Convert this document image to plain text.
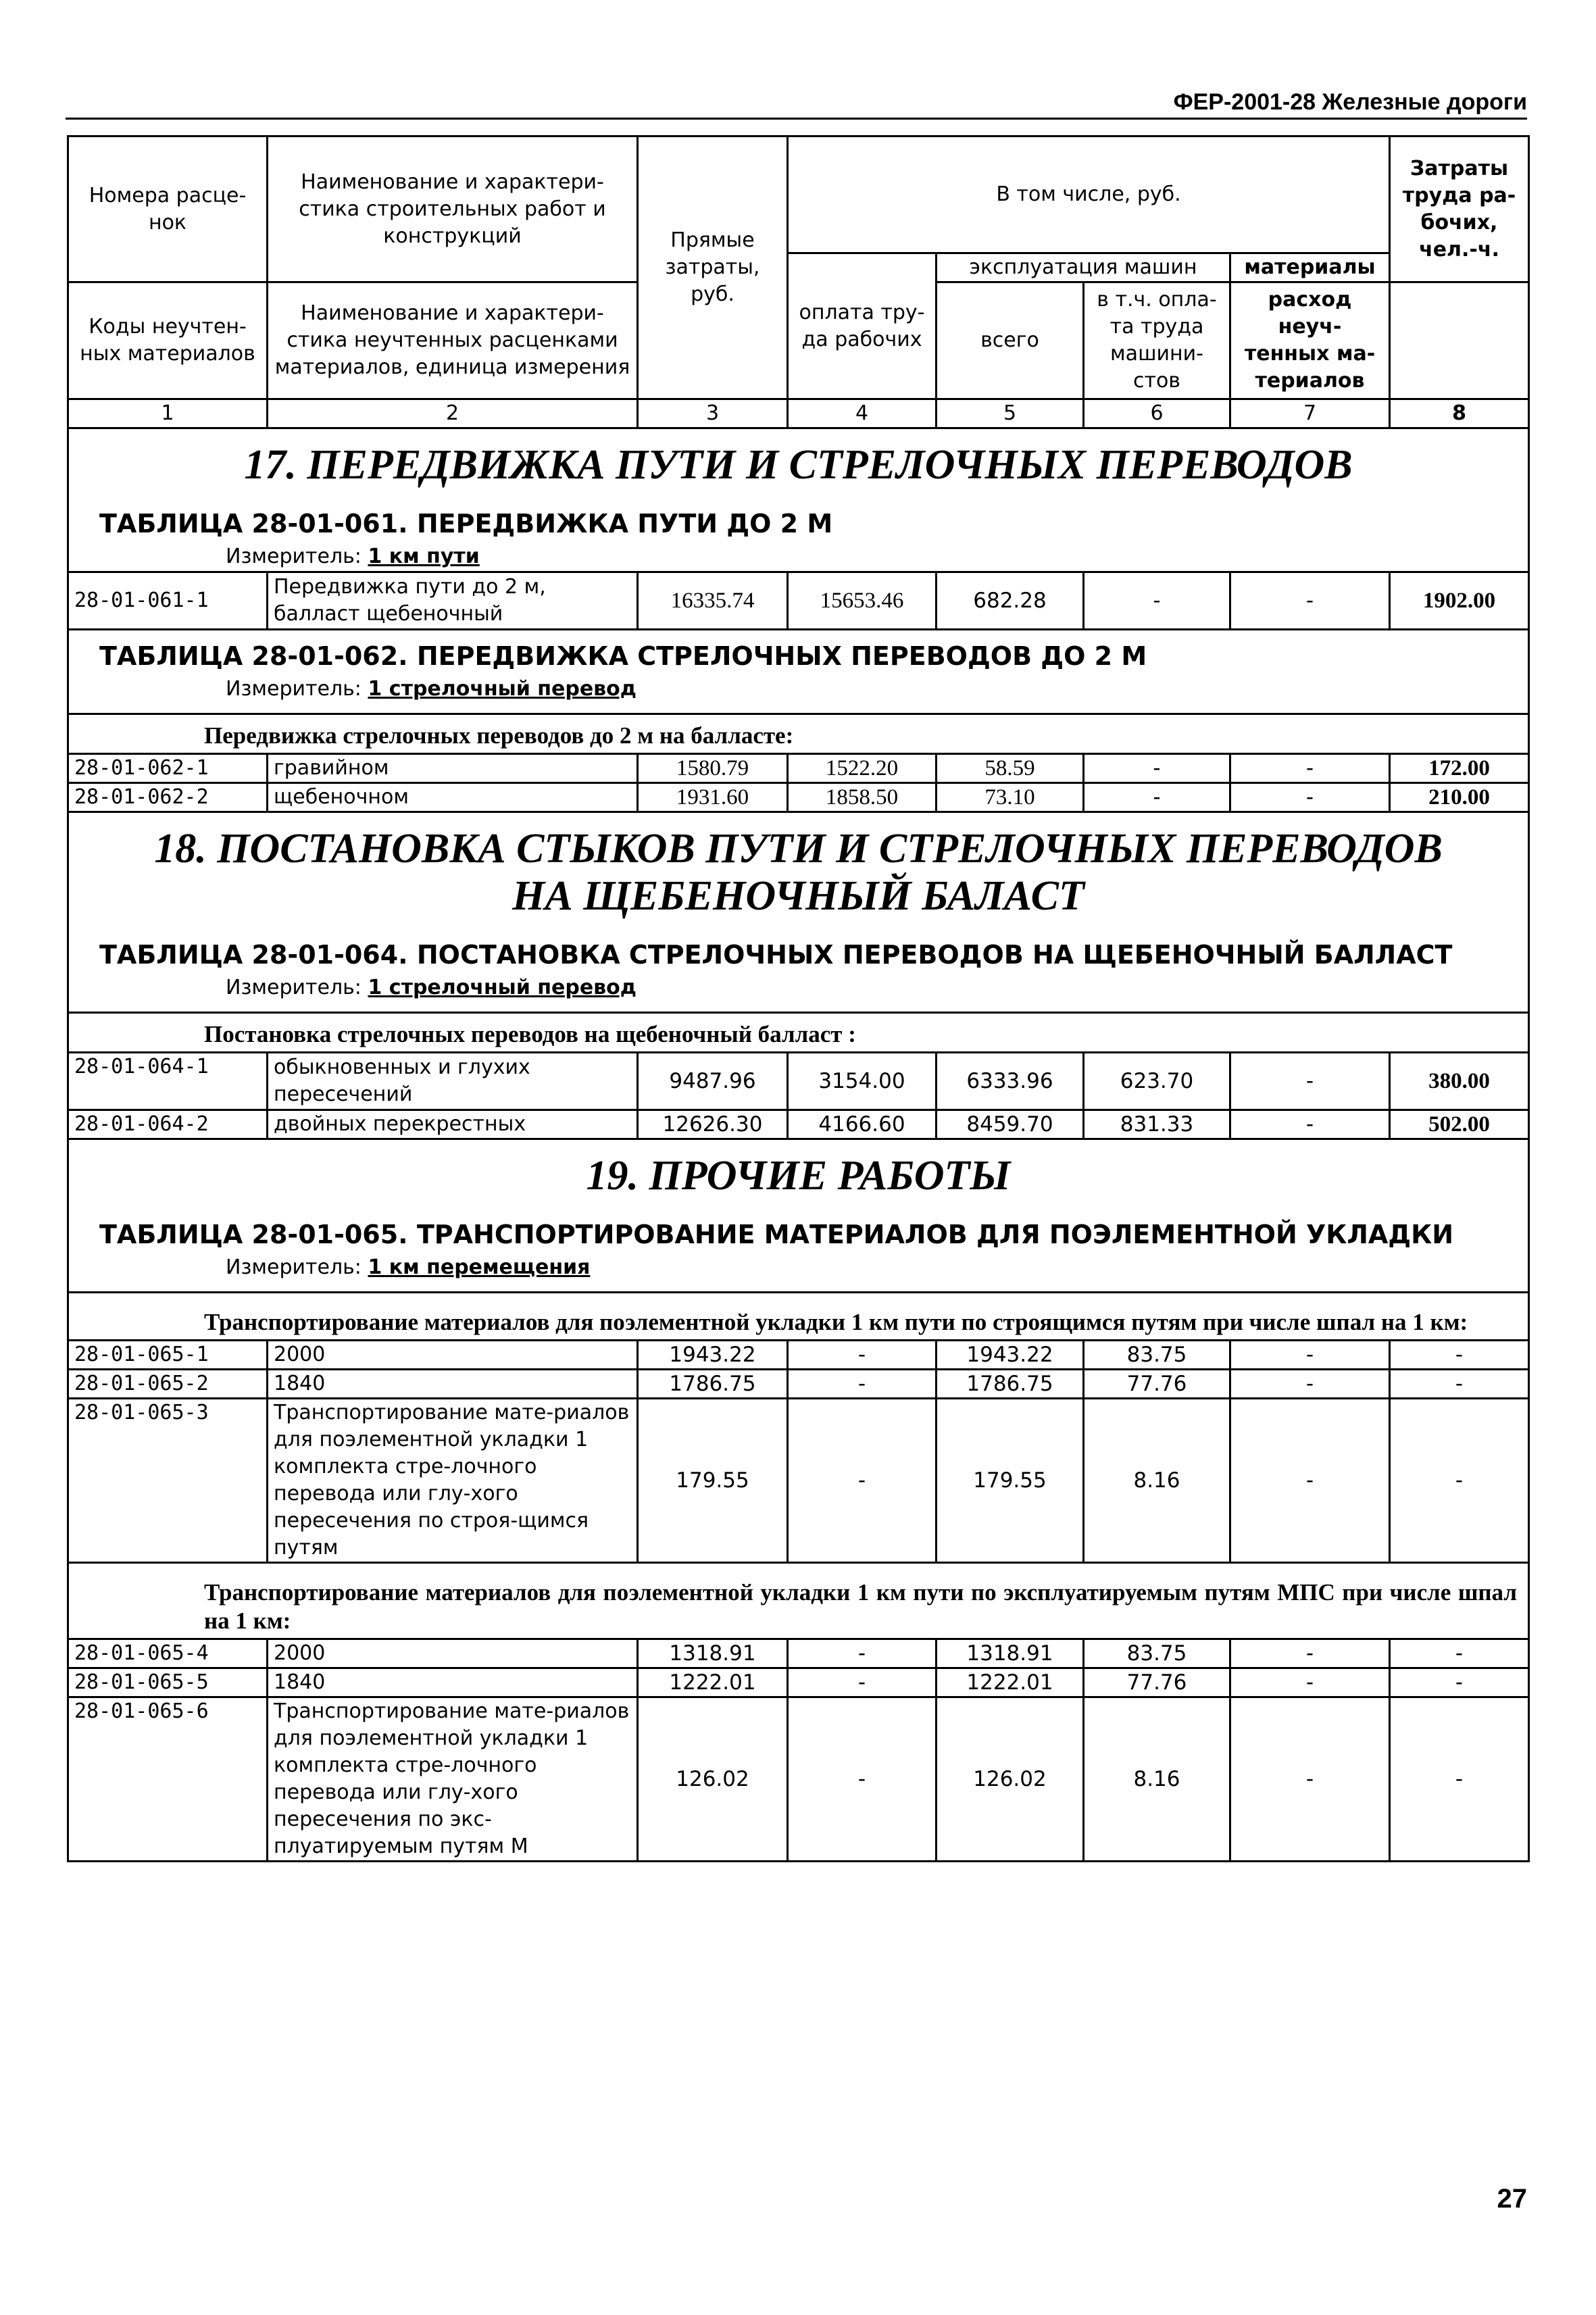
ФЕР-2001-28 Железные дороги
Номера расце-нок	Наименование и характери-стика строительных работ и конструкций	Прямые затраты, руб.	В том числе, руб.				Затраты труда ра-бочих, чел.-ч.
			оплата тру-да рабочих	эксплуатация машин		материалы	
Коды неучтен-ных материалов	Наименование и характери-стика неучтенных расценками материалов, единица измерения			всего	в т.ч. опла-та труда машини-стов	расход неуч-тенных ма-териалов	

1	2	3	4	5	6	7	8

17. ПЕРЕДВИЖКА ПУТИ И СТРЕЛОЧНЫХ ПЕРЕВОДОВ
ТАБЛИЦА 28-01-061. ПЕРЕДВИЖКА ПУТИ ДО 2 М
Измеритель: 1 км пути							

28-01-061-1	Передвижка пути до 2 м, балласт щебеночный	16335.74	15653.46	682.28	-	-	1902.00

ТАБЛИЦА 28-01-062. ПЕРЕДВИЖКА СТРЕЛОЧНЫХ ПЕРЕВОДОВ ДО 2 М
Измеритель: 1 стрелочный перевод
Передвижка стрелочных переводов до 2 м на балласте:							

28-01-062-1	гравийном	1580.79	1522.20	58.59	-	-	172.00
28-01-062-2	щебеночном	1931.60	1858.50	73.10	-	-	210.00

18. ПОСТАНОВКА СТЫКОВ ПУТИ И СТРЕЛОЧНЫХ ПЕРЕВОДОВ НА ЩЕБЕНОЧНЫЙ БАЛАСТ
ТАБЛИЦА 28-01-064. ПОСТАНОВКА СТРЕЛОЧНЫХ ПЕРЕВОДОВ НА ЩЕБЕНОЧНЫЙ БАЛЛАСТ
Измеритель: 1 стрелочный перевод
Постановка стрелочных переводов на щебеночный балласт :							

28-01-064-1	обыкновенных и глухих пересечений	9487.96	3154.00	6333.96	623.70	-	380.00
28-01-064-2	двойных перекрестных	12626.30	4166.60	8459.70	831.33	-	502.00

19. ПРОЧИЕ РАБОТЫ
ТАБЛИЦА 28-01-065. ТРАНСПОРТИРОВАНИЕ МАТЕРИАЛОВ ДЛЯ ПОЭЛЕМЕНТНОЙ УКЛАДКИ
Измеритель: 1 км перемещения
Транспортирование материалов для поэлементной укладки 1 км пути по строящимся путям при числе шпал на 1 км:							

28-01-065-1	2000	1943.22	-	1943.22	83.75	-	-
28-01-065-2	1840	1786.75	-	1786.75	77.76	-	-
28-01-065-3	Транспортирование мате-риалов для поэлементной укладки 1 комплекта стре-лочного перевода или глу-хого пересечения по строя-щимся путям	179.55	-	179.55	8.16	-	-

Транспортирование материалов для поэлементной укладки 1 км пути по эксплуатируемым путям МПС при числе шпал на 1 км:							

28-01-065-4	2000	1318.91	-	1318.91	83.75	-	-
28-01-065-5	1840	1222.01	-	1222.01	77.76	-	-
28-01-065-6	Транспортирование мате-риалов для поэлементной укладки 1 комплекта стре-лочного перевода или глу-хого пересечения по экс-плуатируемым путям М	126.02	-	126.02	8.16	-	-
27
